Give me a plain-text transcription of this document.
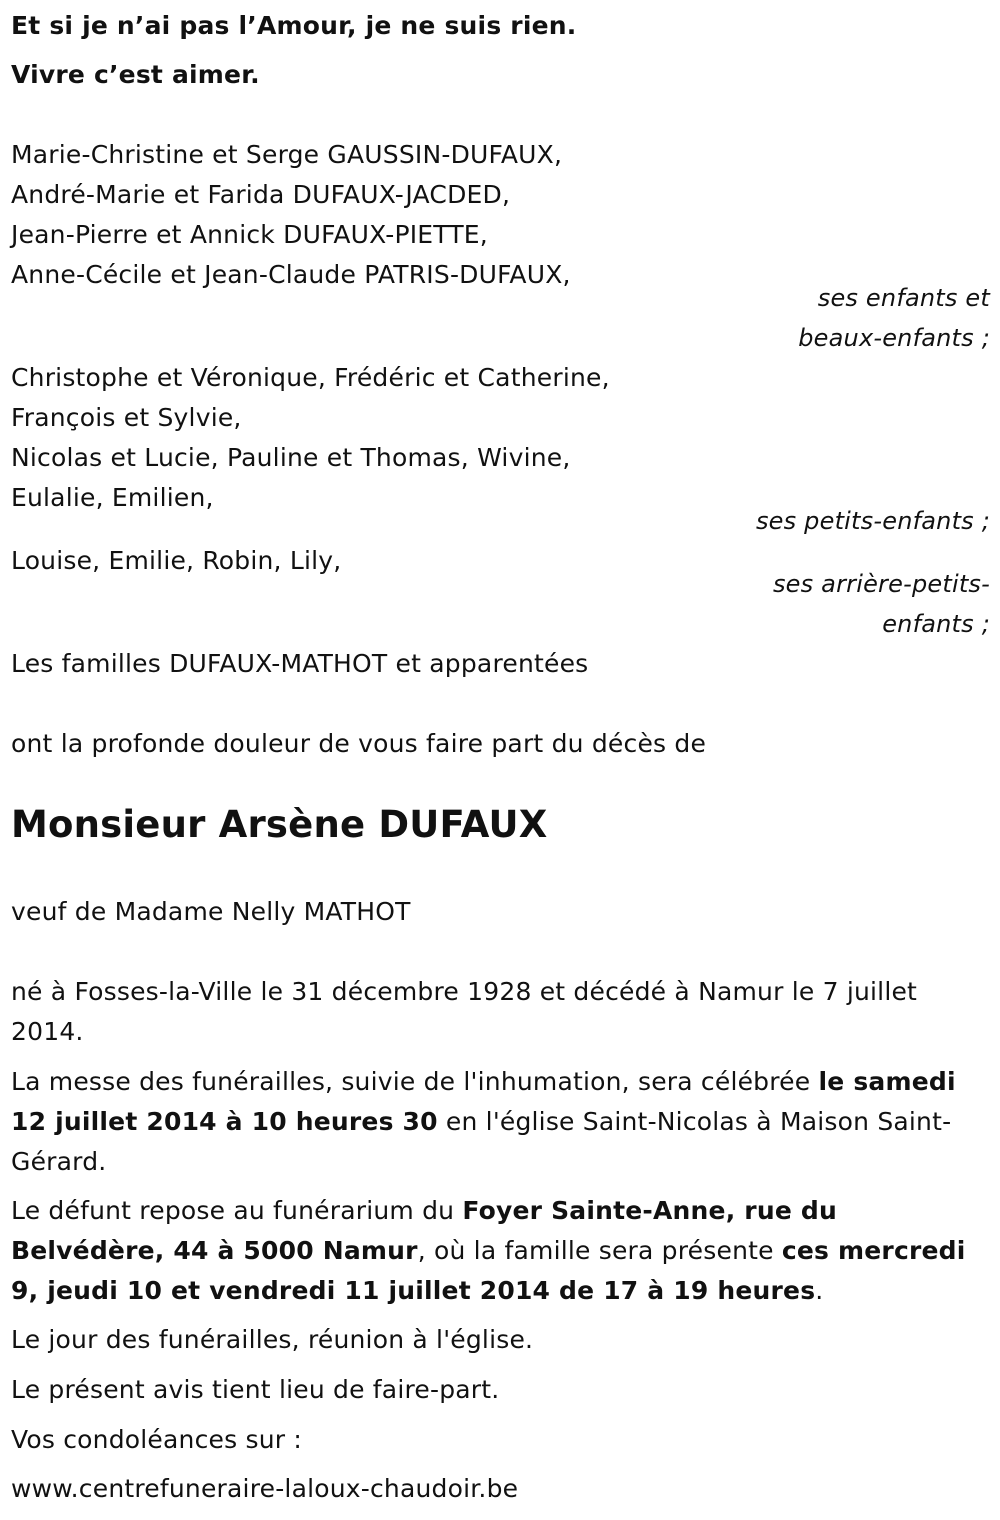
Et si je n’ai pas l’Amour, je ne suis rien.
Vivre c’est aimer.
Marie-Christine et Serge GAUSSIN-DUFAUX,
André-Marie et Farida DUFAUX-JACDED,
Jean-Pierre et Annick DUFAUX-PIETTE,
Anne-Cécile et Jean-Claude PATRIS-DUFAUX,
ses enfants et
beaux-enfants ;
Christophe et Véronique, Frédéric et Catherine,
François et Sylvie,
Nicolas et Lucie, Pauline et Thomas, Wivine,
Eulalie, Emilien,
ses petits-enfants ;
Louise, Emilie, Robin, Lily,
ses arrière-petits-
enfants ;
Les familles DUFAUX-MATHOT et apparentées
ont la profonde douleur de vous faire part du décès de
Monsieur Arsène DUFAUX
veuf de Madame Nelly MATHOT
né à Fosses-la-Ville le 31 décembre 1928 et décédé à Namur le 7 juillet 2014.
La messe des funérailles, suivie de l'inhumation, sera célébrée le samedi 12 juillet 2014 à 10 heures 30 en l'église Saint-Nicolas à Maison Saint-Gérard.
Le défunt repose au funérarium du Foyer Sainte-Anne, rue du Belvédère, 44 à 5000 Namur, où la famille sera présente ces mercredi 9, jeudi 10 et vendredi 11 juillet 2014 de 17 à 19 heures.
Le jour des funérailles, réunion à l'église.
Le présent avis tient lieu de faire-part.
Vos condoléances sur :
www.centrefuneraire-laloux-chaudoir.be
